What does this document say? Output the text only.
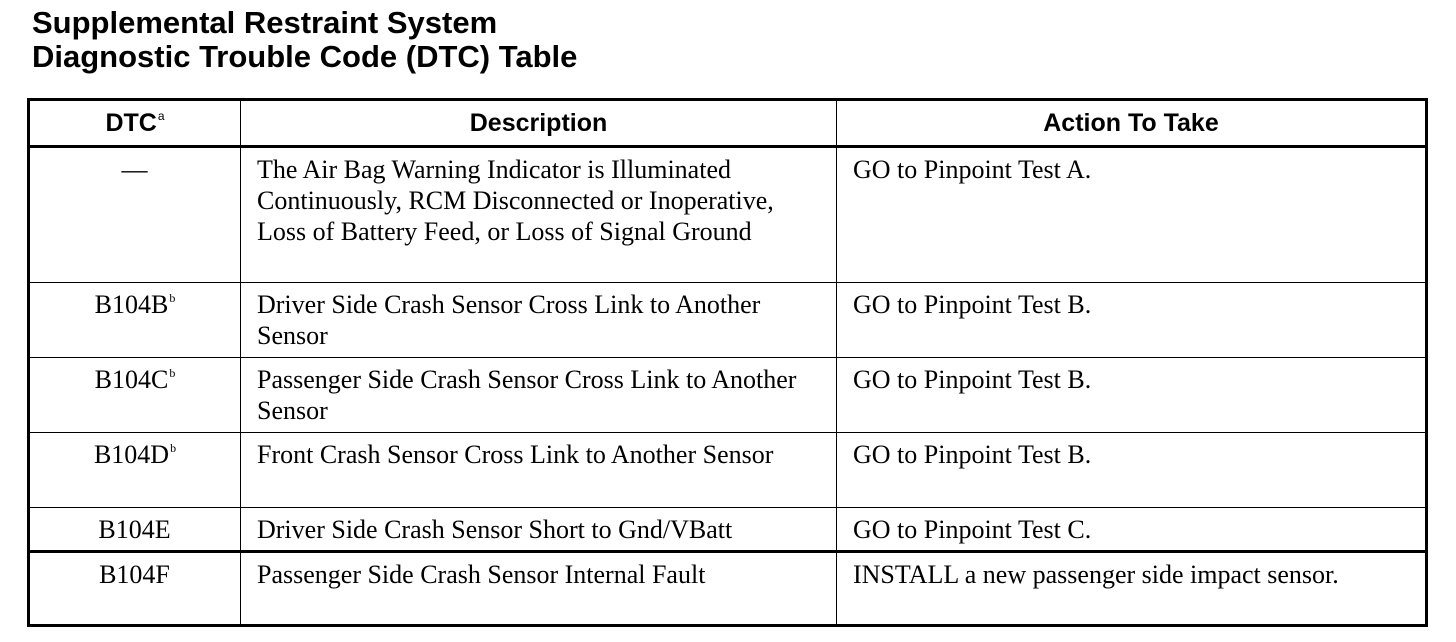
Supplemental Restraint System
Diagnostic Trouble Code (DTC) Table
DTC$^a$	Description	Action To Take
—	The Air Bag Warning Indicator is Illuminated Continuously, RCM Disconnected or Inoperative, Loss of Battery Feed, or Loss of Signal Ground	GO to Pinpoint Test A.
B104B$^b$	Driver Side Crash Sensor Cross Link to Another Sensor	GO to Pinpoint Test B.
B104C$^b$	Passenger Side Crash Sensor Cross Link to Another Sensor	GO to Pinpoint Test B.
B104D$^b$	Front Crash Sensor Cross Link to Another Sensor	GO to Pinpoint Test B.
B104E	Driver Side Crash Sensor Short to Gnd/VBatt	GO to Pinpoint Test C.
B104F	Passenger Side Crash Sensor Internal Fault	INSTALL a new passenger side impact sensor.
